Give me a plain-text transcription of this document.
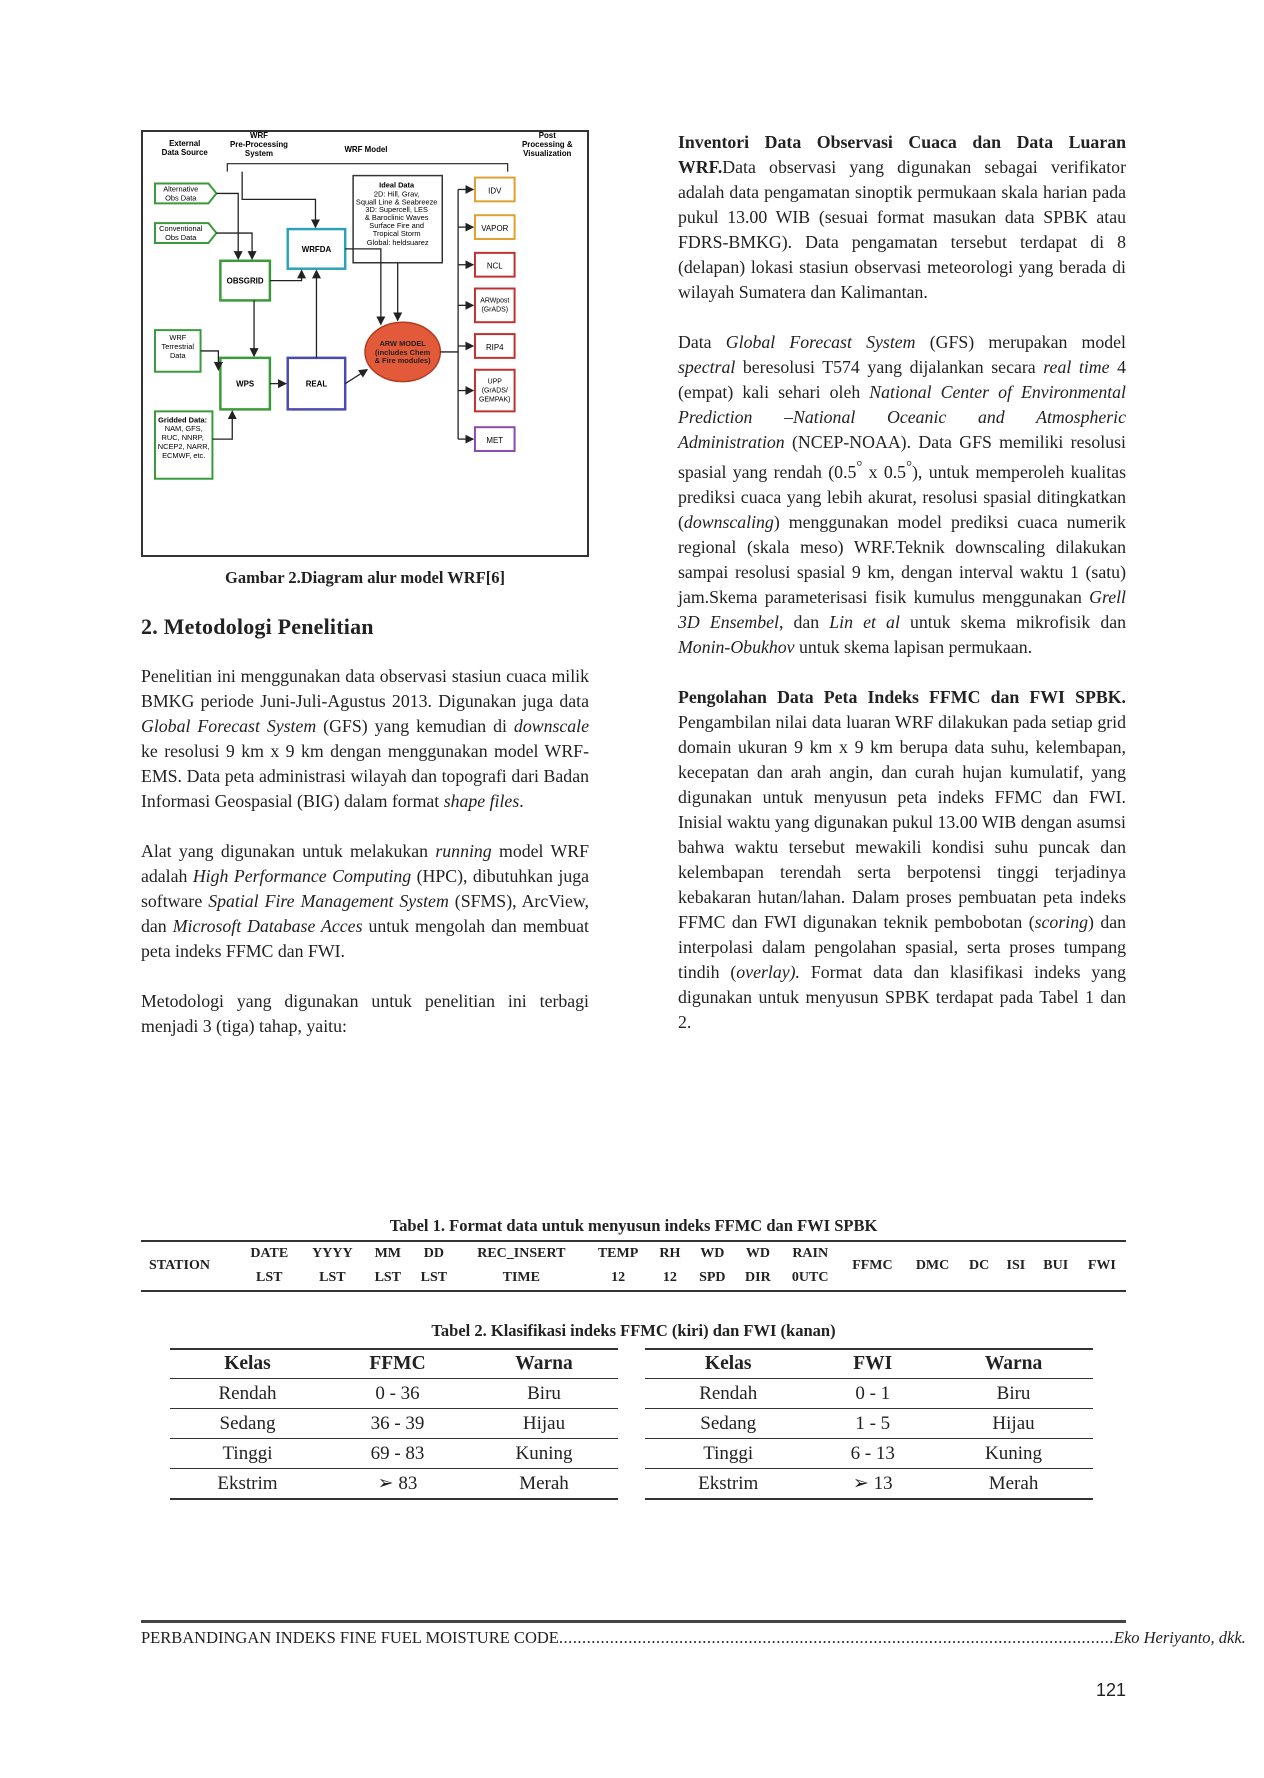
External Data Source
WRF Pre-Processing System	WRF Model
Post Processing & Visualization
Alternative Obs Data
Conventional Obs Data
WRF Terrestrial Data
Gridded Data: NAM, GFS, RUC, NNRP, NCEP2, NARR, ECMWF, etc.
OBSGRID
WPS
WRFDA
REAL
Ideal Data 2D: Hill, Grav, Squall Line & Seabreeze 3D: Supercell, LES & Baroclinic Waves Surface Fire and Tropical Storm Global: heldsuarez
ARW MODEL (includes Chem & Fire modules)
IDV
VAPOR
NCL
ARWpost (GrADS)
RIP4
UPP (GrADS/ GEMPAK)
MET
Gambar 2.Diagram alur model WRF[6]
2. Metodologi Penelitian

Penelitian ini menggunakan data observasi stasiun cuaca milik BMKG periode Juni-Juli-Agustus 2013. Digunakan juga data Global Forecast System (GFS) yang kemudian di downscale ke resolusi 9 km x 9 km dengan menggunakan model WRF-EMS. Data peta administrasi wilayah dan topografi dari Badan Informasi Geospasial (BIG) dalam format shape files.

Alat yang digunakan untuk melakukan running model WRF adalah High Performance Computing (HPC), dibutuhkan juga software Spatial Fire Management System (SFMS), ArcView, dan Microsoft Database Acces untuk mengolah dan membuat peta indeks FFMC dan FWI.

Metodologi yang digunakan untuk penelitian ini terbagi menjadi 3 (tiga) tahap, yaitu:

Inventori Data Observasi Cuaca dan Data Luaran WRF.Data observasi yang digunakan sebagai verifikator adalah data pengamatan sinoptik permukaan skala harian pada pukul 13.00 WIB (sesuai format masukan data SPBK atau FDRS-BMKG). Data pengamatan tersebut terdapat di 8 (delapan) lokasi stasiun observasi meteorologi yang berada di wilayah Sumatera dan Kalimantan.

Data Global Forecast System (GFS) merupakan model spectral beresolusi T574 yang dijalankan secara real time 4 (empat) kali sehari oleh National Center of Environmental Prediction –National Oceanic and Atmospheric Administration (NCEP-NOAA). Data GFS memiliki resolusi spasial yang rendah (0.5° x 0.5°), untuk memperoleh kualitas prediksi cuaca yang lebih akurat, resolusi spasial ditingkatkan (downscaling) menggunakan model prediksi cuaca numerik regional (skala meso) WRF.Teknik downscaling dilakukan sampai resolusi spasial 9 km, dengan interval waktu 1 (satu) jam.Skema parameterisasi fisik kumulus menggunakan Grell 3D Ensembel, dan Lin et al untuk skema mikrofisik dan Monin-Obukhov untuk skema lapisan permukaan.

Pengolahan Data Peta Indeks FFMC dan FWI SPBK. Pengambilan nilai data luaran WRF dilakukan pada setiap grid domain ukuran 9 km x 9 km berupa data suhu, kelembapan, kecepatan dan arah angin, dan curah hujan kumulatif, yang digunakan untuk menyusun peta indeks FFMC dan FWI. Inisial waktu yang digunakan pukul 13.00 WIB dengan asumsi bahwa waktu tersebut mewakili kondisi suhu puncak dan kelembapan terendah serta berpotensi tinggi terjadinya kebakaran hutan/lahan. Dalam proses pembuatan peta indeks FFMC dan FWI digunakan teknik pembobotan (scoring) dan interpolasi dalam pengolahan spasial, serta proses tumpang tindih (overlay). Format data dan klasifikasi indeks yang digunakan untuk menyusun SPBK terdapat pada Tabel 1 dan 2.

Tabel 1. Format data untuk menyusun indeks FFMC dan FWI SPBK
STATION	DATE	YYYY	MM	DD	REC_INSERT	TEMP	RH	WD	WD	RAIN	FFMC	DMC	DC	ISI	BUI	FWI
	LST	LST	LST	LST	TIME	12	12	SPD	DIR	0UTC						
Tabel 2. Klasifikasi indeks FFMC (kiri) dan FWI (kanan)
Kelas	FFMC	Warna
Rendah	0 - 36	Biru
Sedang	36 - 39	Hijau
Tinggi	69 - 83	Kuning
Ekstrim	➢ 83	Merah
Kelas	FWI	Warna
Rendah	0 - 1	Biru
Sedang	1 - 5	Hijau
Tinggi	6 - 13	Kuning
Ekstrim	➢ 13	Merah
PERBANDINGAN INDEKS FINE FUEL MOISTURE CODE ........................................................................................................................ Eko Heriyanto, dkk.
121
